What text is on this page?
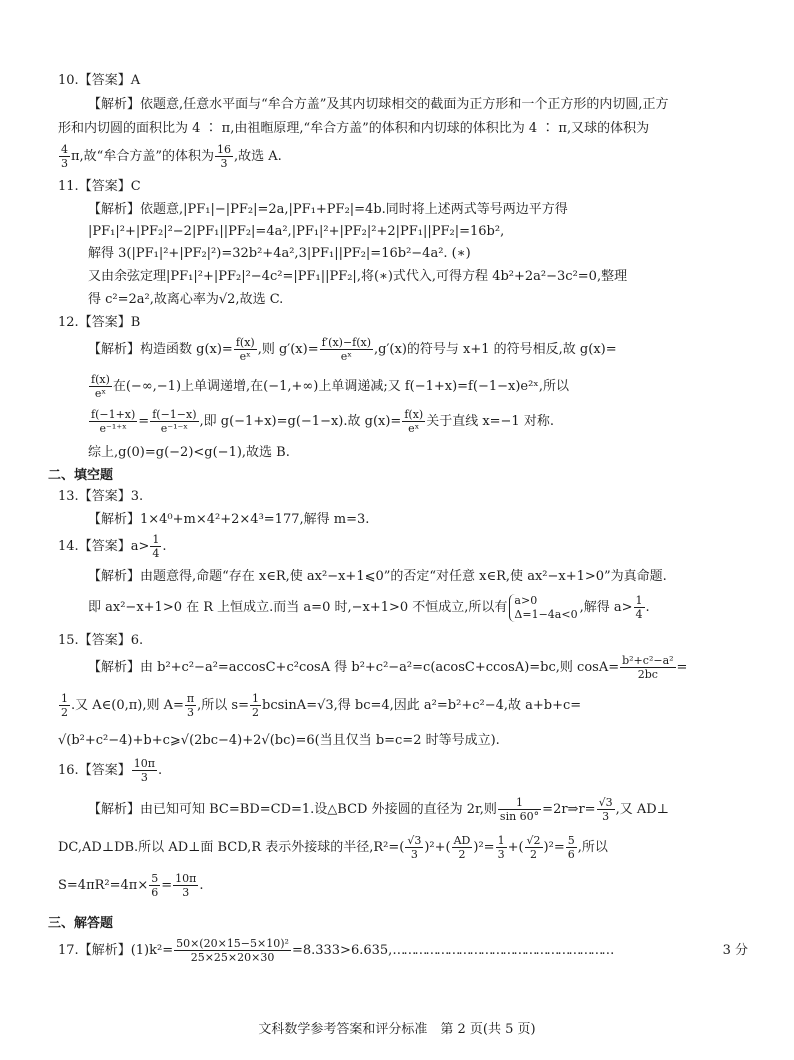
10.【答案】A
【解析】依题意,任意水平面与“牟合方盖”及其内切球相交的截面为正方形和一个正方形的内切圆,正方
形和内切圆的面积比为 4 ∶ π,由祖暅原理,“牟合方盖”的体积和内切球的体积比为 4 ∶ π,又球的体积为
$\frac{4}{3} \pi$,故“牟合方盖”的体积为 $\frac{16}{3}$ ,故选 A.
11.【答案】C
【解析】依题意,|PF₁|−|PF₂|=2a,|PF₁+PF₂|=4b.同时将上述两式等号两边平方得
|PF₁|²+|PF₂|²−2|PF₁||PF₂|=4a²,|PF₁|²+|PF₂|²+2|PF₁||PF₂|=16b²,
解得 3(|PF₁|²+|PF₂|²)=32b²+4a²,3|PF₁||PF₂|=16b²−4a². (∗)
又由余弦定理|PF₁|²+|PF₂|²−4c²=|PF₁||PF₂|,将(∗)式代入,可得方程 4b²+2a²−3c²=0,整理
得 c²=2a²,故离心率为√2,故选 C.
12.【答案】B
【解析】构造函数 $g(x)= \frac{f(x)}{\text{eˣ}}$ ,则 $g'(x)= \frac{f'(x)-f(x)}{\text{eˣ}} ,g'(x)$的符号与 x+1 的符号相反,故 g(x)=
$\frac{f(x)}{\text{eˣ}}$ 在(−∞,−1)上单调递增,在(−1,+∞)上单调递减;又 f(−1+x)=f(−1−x)e²ˣ,所以
$\frac{f(-1+x)}{\text{e⁻¹⁺ˣ}} = \frac{f(-1-x)}{\text{e⁻¹⁻ˣ}}$ ,即 g(−1+x)=g(−1−x).故 $g(x)= \frac{f(x)}{\text{eˣ}}$ 关于直线 x=−1 对称.
综上,g(0)=g(−2)<g(−1),故选 B.
二、填空题
13.【答案】3.
【解析】1×4⁰+m×4²+2×4³=177,解得 m=3.
14.【答案】$a> \frac{1}{4}$ .
【解析】由题意得,命题“存在 x∈R,使 ax²−x+1⩽0”的否定“对任意 x∈R,使 ax²−x+1>0”为真命题.
即 ax²−x+1>0 在 R 上恒成立.而当 a=0 时,−x+1>0 不恒成立,所以有 a>0
Δ=1−4a<0 ,解得 $a> \frac{1}{4}$ .
15.【答案】6.
【解析】由 b²+c²−a²=accosC+c²cosA 得 b²+c²−a²=c(acosC+ccosA)=bc,则 $\cos A= \frac{\text{b²+c²−a²}}{2bc}$ =
$\frac{1}{2}$ .又 A∈(0,π),则 $A= \frac{\pi}{3}$ ,所以 $s= \frac{1}{2} bcsinA=√3$,得 bc=4,因此 a²=b²+c²−4,故 a+b+c=
√(b²+c²−4)+b+c⩾√(2bc−4)+2√(bc)=6(当且仅当 b=c=2 时等号成立).
16.【答案】 $\frac{10\pi}{3}$ .
【解析】由已知可知 BC=BD=CD=1.设△BCD 外接圆的直径为 2r,则 $\frac{1}{\sin 60^\circ}$ =2r⇒r= $\frac{√3}{3}$ ,又 AD⊥
DC,AD⊥DB.所以 AD⊥面 BCD,R 表示外接球的半径$,R^2=( \frac{√3}{3} )^2+( \frac{AD}{2} )^2= \frac{1}{3}$ +( $\frac{√2}{2} )^2= \frac{5}{6}$ ,所以
$S=4\pi R^2=4\pi\times \frac{5}{6} = \frac{10\pi}{3}$ .
三、解答题
17.【解析】$(1)k^2= \frac{\text{50×(20×15−5×10)²}}{25\times 25\times 20\times 30}$ =8.333>6.635,……………………………………………………	3 分
文科数学参考答案和评分标准　第 2 页(共 5 页)
